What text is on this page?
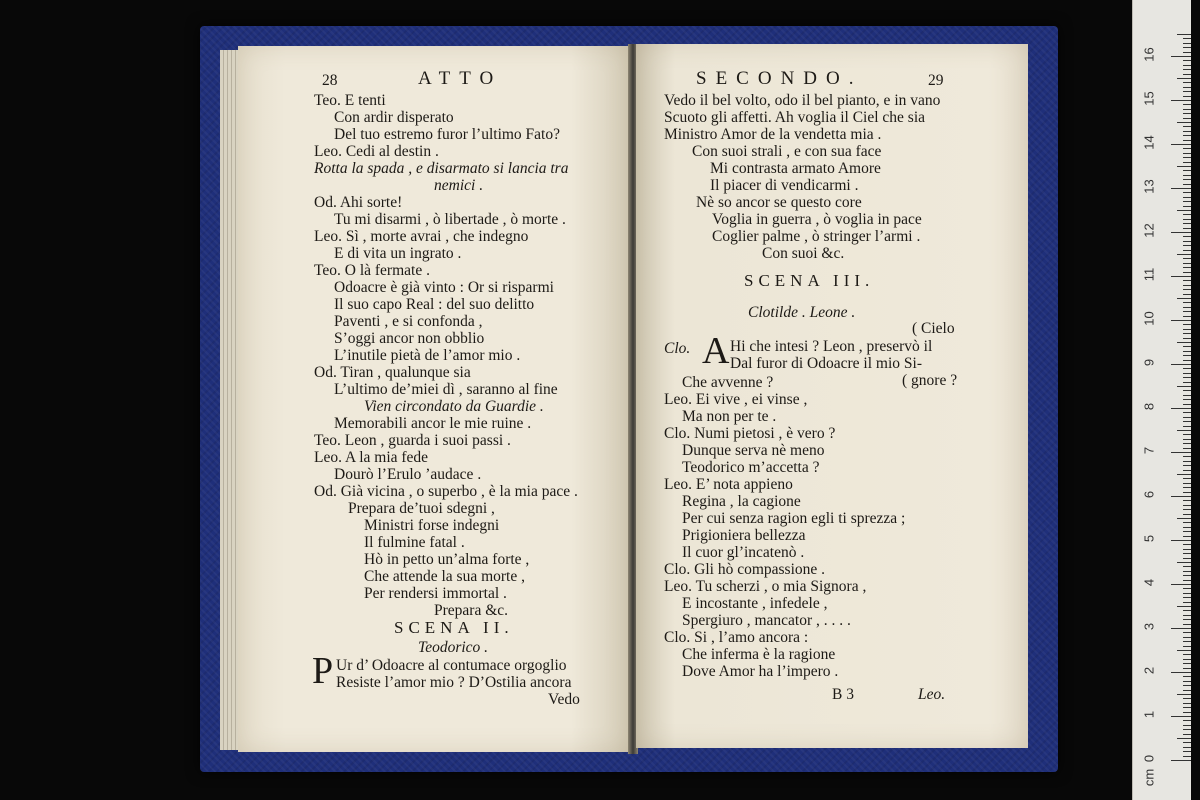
28	ATTO
Teo. E tenti
Con ardir disperato
Del tuo estremo furor l’ultimo Fato?
Leo. Cedi al destin .
Rotta la spada , e disarmato si lancia tra
nemici .
Od. Ahi sorte!
Tu mi disarmi , ò libertade , ò morte .
Leo. Sì , morte avrai , che indegno
E di vita un ingrato .
Teo. O là fermate .
Odoacre è già vinto : Or si risparmi
Il suo capo Real : del suo delitto
Paventi , e si confonda ,
S’oggi ancor non obblio
L’inutile pietà de l’amor mio .
Od. Tiran , qualunque sia
L’ultimo de’miei dì , saranno al fine
Vien circondato da Guardie .
Memorabili ancor le mie ruine .
Teo. Leon , guarda i suoi passi .
Leo. A la mia fede
Dourò l’Erulo ’audace .
Od. Già vicina , o superbo , è la mia pace .
Prepara de’tuoi sdegni ,
Ministri forse indegni
Il fulmine fatal .
Hò in petto un’alma forte ,
Che attende la sua morte ,
Per rendersi immortal .
Prepara &c.
SCENA II.
Teodorico .
P Ur d’ Odoacre al contumace orgoglio
Resiste l’amor mio ? D’Ostilia ancora
Vedo
SECONDO.	29
Vedo il bel volto, odo il bel pianto, e in vano
Scuoto gli affetti. Ah voglia il Ciel che sia
Ministro Amor de la vendetta mia .
Con suoi strali , e con sua face
Mi contrasta armato Amore
Il piacer di vendicarmi .
Nè so ancor se questo core
Voglia in guerra , ò voglia in pace
Coglier palme , ò stringer l’armi .
Con suoi &c.
SCENA III.
Clotilde . Leone .
( Cielo
Clo. A Hi che intesi ? Leon , preservò il
Dal furor di Odoacre il mio Si-
Che avvenne ?	( gnore ?
Leo. Ei vive , ei vinse ,
Ma non per te .
Clo. Numi pietosi , è vero ?
Dunque serva nè meno
Teodorico m’accetta ?
Leo. E’ nota appieno
Regina , la cagione
Per cui senza ragion egli ti sprezza ;
Prigioniera bellezza
Il cuor gl’incatenò .
Clo. Gli hò compassione .
Leo. Tu scherzi , o mia Signora ,
E incostante , infedele ,
Spergiuro , mancator , . . . .
Clo. Si , l’amo ancora :
Che inferma è la ragione
Dove Amor ha l’impero .
B 3	Leo.
0
1
2
3
4
5
6
7
8
9
10
11
12
13
14
15
16
cm
